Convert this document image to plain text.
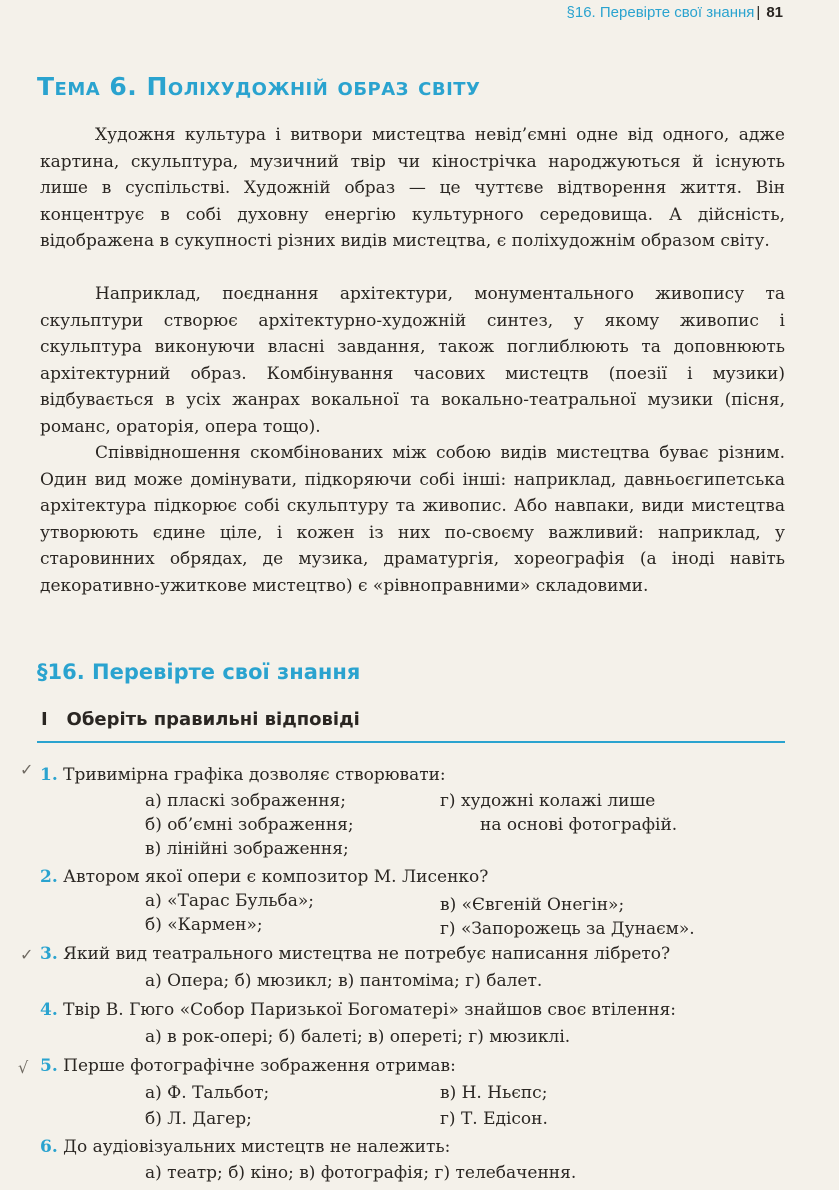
§16. Перевірте свої знання | 81
Тема 6. Поліхудожній образ світу

Художня культура і витвори мистецтва невід’ємні одне від одного, адже картина, скульптура, музичний твір чи кінострічка народжуються й існують лише в суспільстві. Художній образ — це чуттєве відтворення життя. Він концентрує в собі духовну енергію культурного середовища. А дійсність, відображена в сукупності різних видів мистецтва, є поліхудожнім образом світу.

Наприклад, поєднання архітектури, монументального живопису та скульптури створює архітектурно-художній синтез, у якому живопис і скульптура виконуючи власні завдання, також поглиблюють та доповнюють архітектурний образ. Комбінування часових мистецтв (поезії і музики) відбувається в усіх жанрах вокальної та вокально-театральної музики (пісня, романс, ораторія, опера тощо).

Співвідношення скомбінованих між собою видів мистецтва буває різним. Один вид може домінувати, підкоряючи собі інші: наприклад, давньоєгипетська архітектура підкорює собі скульптуру та живопис. Або навпаки, види мистецтва утворюють єдине ціле, і кожен із них по-своєму важливий: наприклад, у старовинних обрядах, де музика, драматургія, хореографія (а іноді навіть декоративно-ужиткове мистецтво) є «рівноправними» складовими.

§16. Перевірте свої знання
I Оберіть правильні відповіді
✓ 1. Тривимірна графіка дозволяє створювати:
а) пласкі зображення;
б) об’ємні зображення;
в) лінійні зображення;
г) художні колажі лише
на основі фотографій.
2. Автором якої опери є композитор М. Лисенко?
а) «Тарас Бульба»;
б) «Кармен»;
в) «Євгеній Онегін»;
г) «Запорожець за Дунаєм».
✓ 3. Який вид театрального мистецтва не потребує написання лібрето?
а) Опера; б) мюзикл; в) пантоміма; г) балет.
4. Твір В. Гюго «Собор Паризької Богоматері» знайшов своє втілення:
а) в рок-опері; б) балеті; в) опереті; г) мюзиклі.
√ 5. Перше фотографічне зображення отримав:
а) Ф. Тальбот;
б) Л. Дагер;
в) Н. Ньєпс;
г) Т. Едісон.
6. До аудіовізуальних мистецтв не належить:
а) театр; б) кіно; в) фотографія; г) телебачення.
